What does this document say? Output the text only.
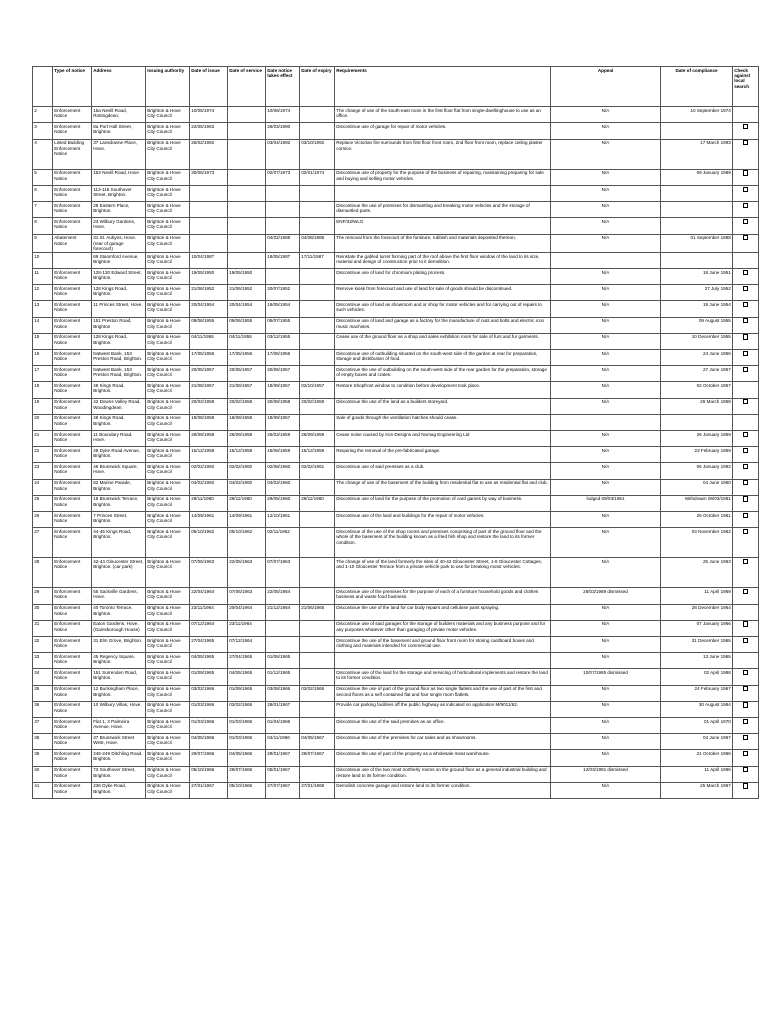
	Type of notice	Address	Issuing authority	Date of issue	Date of service	Date notice takes effect	Date of expiry	Requirements	Appeal	Date of compliance	Check against local search
2	Enforcement Notice	15a Nevill Road, Rottingdean,	Brighton & Hove City Council	10/05/1974		10/06/1974		The change of use of the south-east room in the first floor flat from single-dwellinghouse to use as an office.	N/A	10 September 1974	
3	Enforcement Notice	8a Port Hall Street, Brighton.	Brighton & Hove City Council	22/05/1963		26/03/1990		Discontinue use of garage for repair of motor vehicles.	N/A		
4	Listed Building Enforcement Notice	37 Lansdowne Place, Hove.	Brighton & Hove City Council	25/02/1992		03/04/1992	03/10/1992	Replace Victorian fire surrounds from first floor front room, 2nd floor front room, replace ceiling plaster cornice.	N/A	17 March 1993	
5	Enforcement Notice	153 Nevill Road, Hove	Brighton & Hove City Council	30/05/1973		02/07/1973	02/01/1974	Discontinue use of property for the purpose of the business of repairing, maintaining preparing for sale and buying and selling motor vehicles.	N/A	09 January 1989	
6	Enforcement Notice	113-116 Southover Street, Brighton.	Brighton & Hove City Council						N/A		
7	Enforcement Notice	28 Eastern Place, Brighton.	Brighton & Hove City Council					Discontinue the use of premises for dismantling and breaking motor vehicles and the storage of dismantled parts.	N/A		
8	Enforcement Notice	23 Wilbury Gardens, Hove.	Brighton & Hove City Council					ENF/33/WLG	N/A		
9	Abatement Notice	31 St. Aubyns, Hove. (rear of garage forecourt)	Brighton & Hove City Council			04/02/1985	04/08/1985	The removal from the forecourt of the furniture, rubbish and materials deposited thereon.	N/A	01 September 1988	
10		69 Stanmford Avenue, Brighton	Brighton & Hove City Council	10/04/1987		18/05/1987	17/11/1987	Reinstate the gabled turret forming part of the roof above the first floor window of the land to its size, material and design of construction prior to it demolition.			
11	Enforcement Notice	128-130 Edward Street, Brighton.	Brighton & Hove City Council	19/05/1950	19/05/1950			Discontinue use of land for chromium plating process.	N/A	18 June 1951	
12	Enforcement Notice	128 Kings Road, Brighton.	Brighton & Hove City Council	21/06/1952	21/06/1952	20/07/1952		Remove kiosk from forecourt and use of land for sale of goods should be discontinued.	N/A	27 July 1952	
13	Enforcement Notice	11 Princes Street, Hove.	Brighton & Hove City Council	20/04/1954	20/04/1954	19/05/1954		Discontinue use of land as showroom and or shop for motor vehicles and for carrying out of repairs to such vehicles.	N/A	19 June 1954	
14	Enforcement Notice	151 Preston Road, Brighton	Brighton & Hove City Council	09/06/1955	09/06/1955	09/07/1955		Discontinue use of land and garage as a factory for the manufacture of nuts and bolts and electric icon music machines.	N/A	09 August 1955	
15	Enforcement Notice	128 Kings Road, Brighton.	Brighton & Hove City Council	04/11/1955	04/11/1955	03/12/1955		Cease use of the ground floor as a shop and sales exhibition room for sale of furs and fur garments.	N/A	10 December 1955	
16	Enforcement Notice	Natwest Bank, 153 Preston Road, Brighton.	Brighton & Hove City Council	17/05/1956	17/05/1956	17/06/1956		Discontinue use of outbuilding situated on the south-west side of the garden at rear for preparation, storage and distribution of food.	N/A	24 June 1956	
17	Enforcement Notice	Natwest Bank, 153 Preston Road, Brighton.	Brighton & Hove City Council	20/05/1957	20/05/1957	20/06/1957		Discontinue the use of outbuilding on the south-west side of the rear garden for the preparation, storage of empty boxes and crates.	N/A	27 June 1957	
18	Enforcement Notice	48 Kings Road, Brighton.	Brighton & Hove City Council	21/08/1957	21/08/1957	18/09/1957	02/10/1957	Restore Shopfront window to condition before development took place.	N/A	02 October 1957	
19	Enforcement Notice	42 Downs Valley Road, Woodingdean.	Brighton & Hove City Council	20/02/1958	20/02/1958	20/08/1958	20/02/1959	Discontinue the use of the land as a builders storeyard.	N/A	26 March 1958	
20	Enforcement Notice	48 Kings Road, Brighton.	Brighton & Hove City Council	18/08/1958	18/08/1958	18/09/1957		Sale of goods through the ventilation hatches should cease.			
21	Enforcement Notice	11 Boundary Road, Hove.	Brighton & Hove City Council	26/09/1958	26/09/1958	26/03/1959	26/09/1959	Cease noise caused by Iron Designs and Nomag Engineering Ltd	N/A	26 January 1959	
22	Enforcement Notice	28 Dyke Road Avenue, Brighton.	Brighton & Hove City Council	15/12/1958	15/12/1958	15/06/1959	15/12/1959	Requiring the removal of the pre-fabricated garage.	N/A	23 February 1959	
23	Enforcement Notice	46 Brunswick Square, Hove.	Brighton & Hove City Council	02/02/1960	02/02/1960	02/08/1960	02/02/1961	Discontinue use of said premises as a club.	N/A	06 January 1992	
24	Enforcement Notice	82 Marine Parade, Brighton.	Brighton & Hove City Council	04/02/1960	04/02/1960	04/03/1960		The change of use of the basement of the building from residential flat to use as residential flat and club.	N/A	04 June 1960	
25	Enforcement Notice	18 Brunswick Terrace, Brighton.	Brighton & Hove City Council	29/11/1960	29/11/1960	29/05/1960	29/11/1960	Discontinue use of land for the purpose of the promotion of card games by way of business.	lodged 09/03/1961	Withdrawn 09/03/1961	
26	Enforcement Notice	7 Princes Street, Brighton.	Brighton & Hove City Council	14/09/1961	14/09/1961	12/10/1961		Discontinue use of the land and buildings for the repair of motor vehicles.	N/A	26 October 1961	
27	Enforcement Notice	44-45 Kings Road, Brighton.	Brighton & Hove City Council	05/10/1962	05/10/1962	02/11/1962		Discontinue of the use of the shop rooms and premises comprising of part of the ground floor and the whole of the basement of the building known as a fried fish shop and restore the land to its former condition.	N/A	03 November 1962	
28	Enforcement Notice	42-44 Gloucester Street, Brighton. (car park)	Brighton & Hove City Council	07/06/1963	22/05/1963	07/07/1963		The change of use of the land formerly the sites of 40-42 Gloucester Street, 1-8 Gloucester Cottages, and 1-10 Gloucester Terrace from a private vehicle park to use for breaking motor vehicles.	N/A	25 June 1963	
29	Enforcement Notice	55 Sackville Gardens, Hove.	Brighton & Hove City Council	22/04/1964	07/06/1963	22/05/1964		Discontinue use of the premises for the purpose of each of a furniture household goods and clothes business and waste food business.	28/03/1969 dismissed	11 April 1969	
30	Enforcement Notice	40 Toronto Terrace, Brighton.	Brighton & Hove City Council	23/11/1964	20/04/1964	21/12/1964	21/06/1965	Discontinue the use of the land for car body repairs and cellulose paint spraying.	N/A	28 December 1964	
31	Enforcement Notice	Eaton Gardens, Hove. (Gainsborough House)	Brighton & Hove City Council	07/12/1964	23/11/1964			Discontinue use of said garages for the storage of builders materials and any business purpose and for any purposes whatever other than garaging of private motor vehicles.	N/A	07 January 1966	
32	Enforcement Notice	31 Elm Grove, Brighton.	Brighton & Hove City Council	27/04/1965	07/12/1964			Discontinue the use of the basement and ground floor front room for storing cardboard boxes and clothing and materials intended for commercial use.	N/A	31 December 1965	
33	Enforcement Notice	45 Regency Square, Brighton.	Brighton & Hove City Council	04/05/1965	27/04/1965	01/06/1965			N/A	13 June 1965	
34	Enforcement Notice	151 Surrenden Road, Brighton.	Brighton & Hove City Council	01/09/1965	04/05/1965	01/12/1965		Discontinue use of the land for the storage and servicing of horticultural implements and restore the land to its former condition.	10/07/1965 dismissed	02 April 1998	
35	Enforcement Notice	12 Buckingham Place, Brighton.	Brighton & Hove City Council	03/02/1966	01/09/1965	03/08/1966	03/02/1966	Discontinue the use of part of the ground floor as two single flatlets and the use of part of the first and second floors as a self contained flat and four single room flatlets.	N/A	24 February 1967	
36	Enforcement Notice	10 Wilbury Villas, Hove.	Brighton & Hove City Council	01/03/1966	03/02/1966	28/01/1967		Provide car parking facilities off the public highway as indicated on application M/9011/62.	N/A	30 August 1994	
37	Enforcement Notice	Flat 1, 3 Palmeira Avenue, Hove.	Brighton & Hove City Council	01/03/1966	01/03/1966	01/04/1966		Discontinue the use of the said premises as an office.	N/A	01 April 1970	
38	Enforcement Notice	37 Brunswick Street West, Hove.	Brighton & Hove City Council	04/05/1966	01/03/1966	04/11/1966	04/05/1967	Discontinue the use of the premises for car sales and as showrooms.	N/A	04 June 1967	
39	Enforcement Notice	246-249 Ditchling Road, Brighton.	Brighton & Hove City Council	29/07/1966	04/05/1966	29/01/1967	29/07/1967	Discontinue the use of part of the property as a wholesale meat warehouse.	N/A	21 October 1966	
40	Enforcement Notice	73 Southover Street, Brighton.	Brighton & Hove City Council	05/10/1966	29/07/1966	05/01/1967		Discontinue use of the two most northerly rooms on the ground floor as a general industrial building and restore land to its former condition.	12/03/1991 dismissed	11 April 1996	
41	Enforcement Notice	236 Dyke Road, Brighton.	Brighton & Hove City Council	27/01/1967	05/10/1966	27/07/1967	27/01/1968	Demolish concrete garage and restore land to its former condition.	N/A	25 March 1967	
